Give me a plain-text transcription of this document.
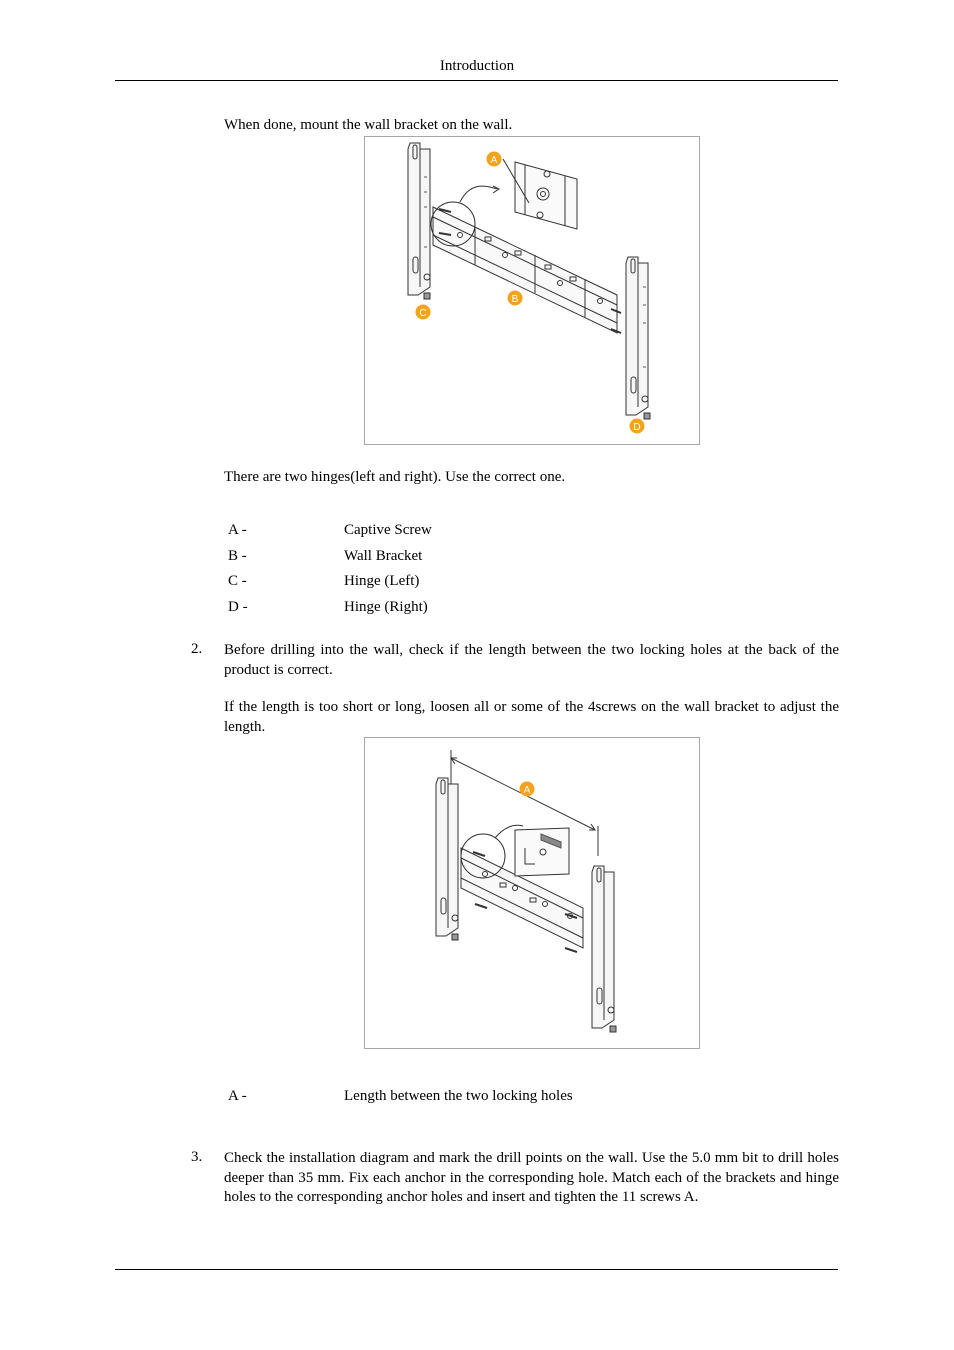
Introduction
When done, mount the wall bracket on the wall.
A
B
C
D
There are two hinges(left and right). Use the correct one.
A -	Captive Screw
B -	Wall Bracket
C -	Hinge (Left)
D -	Hinge (Right)
2. Before drilling into the wall, check if the length between the two locking holes at the back of the product is correct.
If the length is too short or long, loosen all or some of the 4screws on the wall bracket to adjust the length.
A
A -	Length between the two locking holes
3. Check the installation diagram and mark the drill points on the wall. Use the 5.0 mm bit to drill holes deeper than 35 mm. Fix each anchor in the corresponding hole. Match each of the brackets and hinge holes to the corresponding anchor holes and insert and tighten the 11 screws A.
